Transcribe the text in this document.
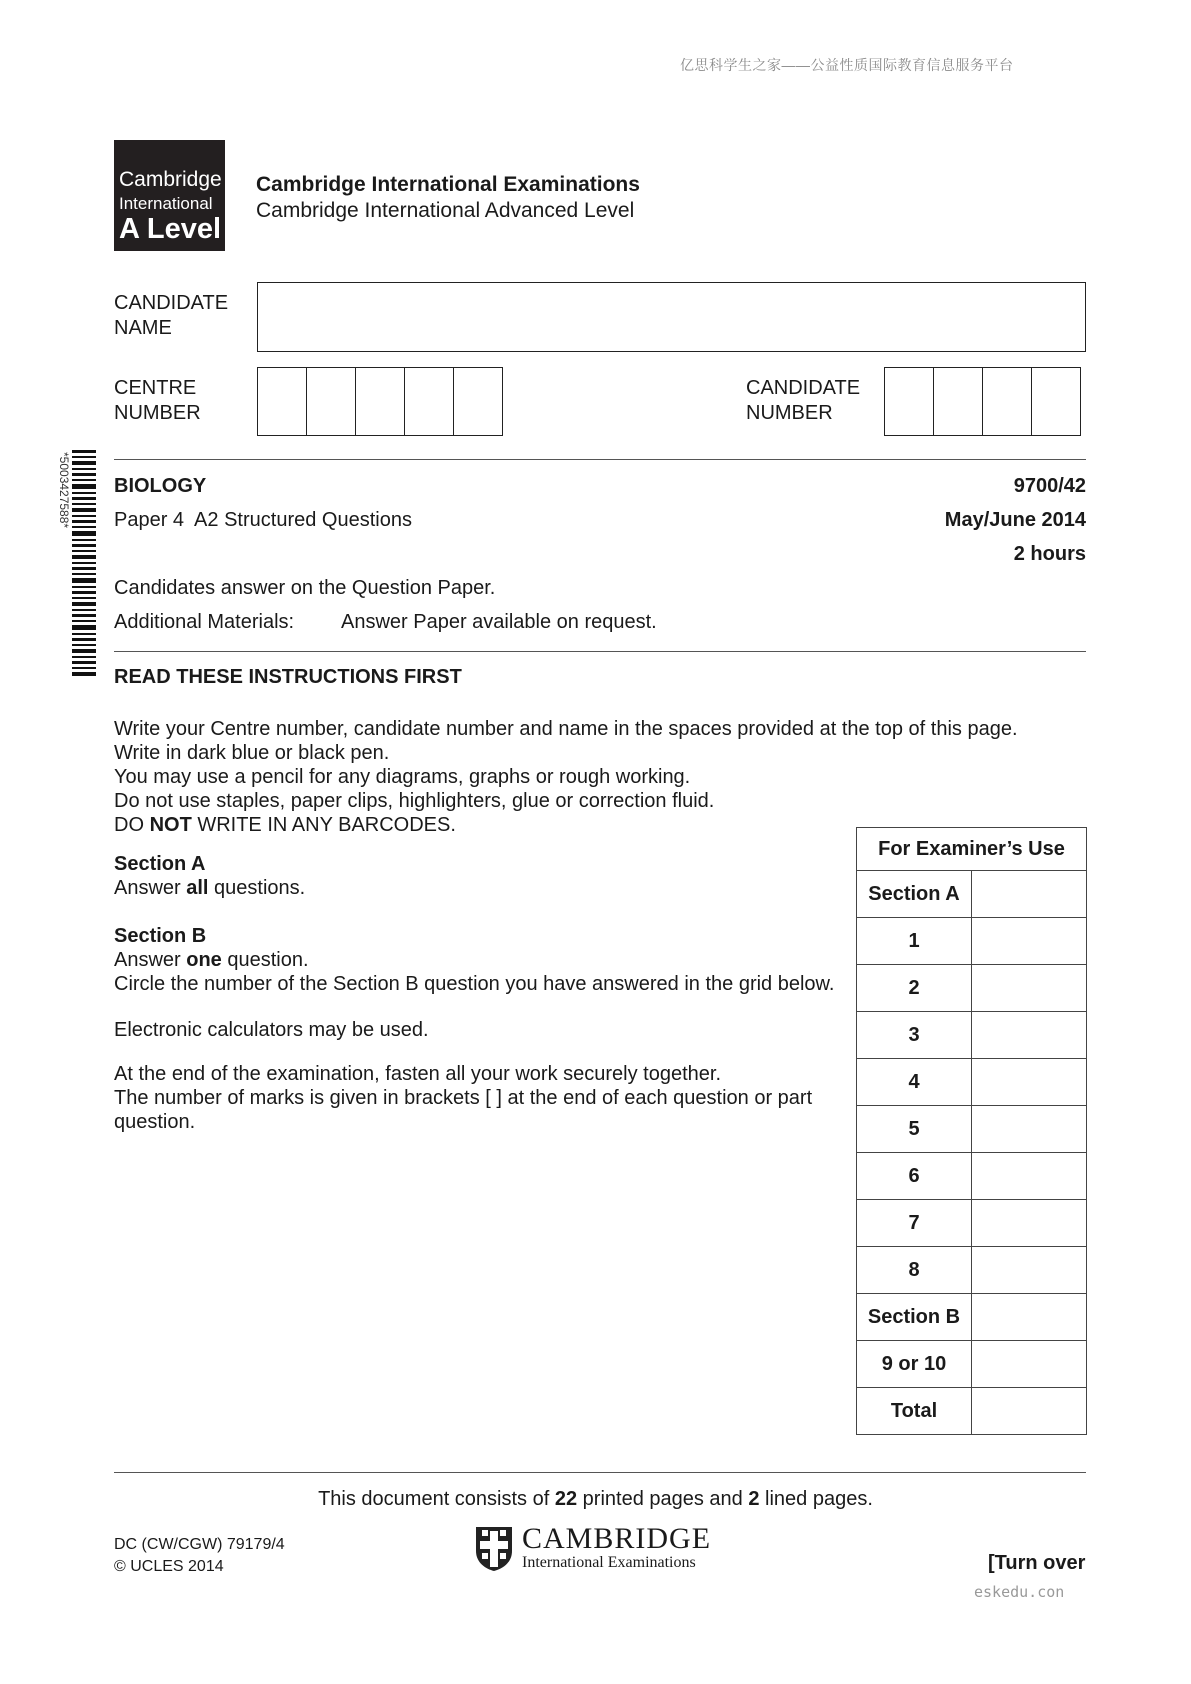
亿思科学生之家——公益性质国际教育信息服务平台
Cambridge
International
A Level
Cambridge International Examinations
Cambridge International Advanced Level
CANDIDATE
NAME
CENTRE
NUMBER
CANDIDATE
NUMBER
*5003427588* BIOLOGY	9700/42
Paper 4  A2 Structured Questions	May/June 2014
2 hours
Candidates answer on the Question Paper.
Additional Materials: Answer Paper available on request.
READ THESE INSTRUCTIONS FIRST
Write your Centre number, candidate number and name in the spaces provided at the top of this page.
Write in dark blue or black pen.
You may use a pencil for any diagrams, graphs or rough working.
Do not use staples, paper clips, highlighters, glue or correction fluid.
DO NOT WRITE IN ANY BARCODES.
Section A
Answer all questions.
Section B
Answer one question.
Circle the number of the Section B question you have answered in the grid below.
Electronic calculators may be used.
At the end of the examination, fasten all your work securely together.
The number of marks is given in brackets [ ] at the end of each question or part question.
For Examiner’s Use	
Section A	
1	
2	
3	
4	
5	
6	
7	
8	
Section B	
9 or 10	
Total	
This document consists of 22 printed pages and 2 lined pages.
DC (CW/CGW) 79179/4
© UCLES 2014
CAMBRIDGE
International Examinations	[Turn over
eskedu.con
